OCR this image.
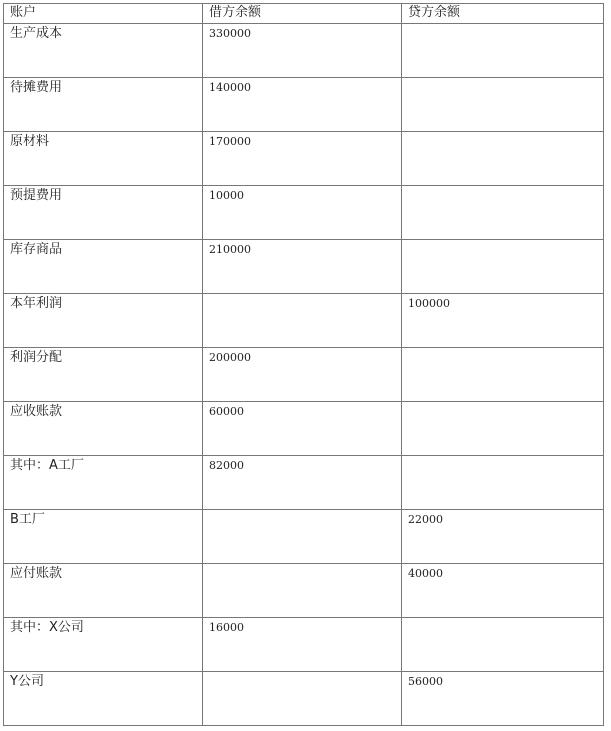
账户	借方余额	贷方余额
生产成本	330000	
待摊费用	140000	
原材料	170000	
预提费用	10000	
库存商品	210000	
本年利润		100000
利润分配	200000	
应收账款	60000	
其中：A工厂	82000	
B工厂		22000
应付账款		40000
其中：X公司	16000	
Y公司		56000
